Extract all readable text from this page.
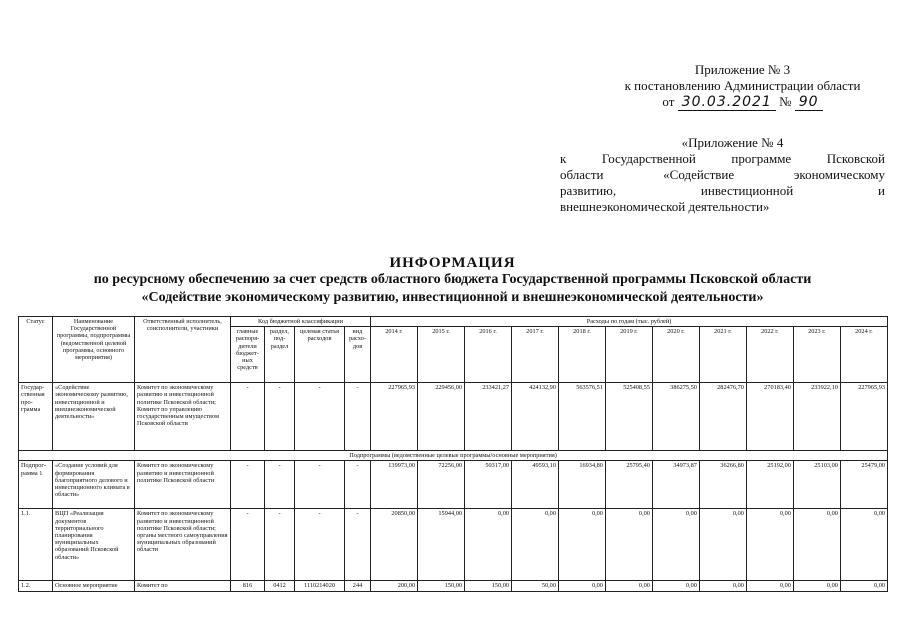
Приложение № 3
к постановлению Администрации области
от 30.03.2021 № 90
«Приложение № 4
к Государственной программе Псковской
области «Содействие экономическому
развитию, инвестиционной и
внешнеэкономической деятельности»
ИНФОРМАЦИЯ
по ресурсному обеспечению за счет средств областного бюджета Государственной программы Псковской области
«Содействие экономическому развитию, инвестиционной и внешнеэкономической деятельности»
Статус	Наименование Государственной программы, подпрограммы (ведомственной целевой программы, основного мероприятия)	Ответственный исполнитель, соисполнители, участники	Код бюджетной классификации				Расходы по годам (тыс. рублей)										
			главные распоря-дители бюджет-ных средств	раздел, под-раздел	целевая статья расходов	вид расхо-дов	2014 г.	2015 г.	2016 г.	2017 г.	2018 г.	2019 г.	2020 г.	2021 г.	2022 г.	2023 г.	2024 г.
Государ-ственная про-грамма	«Содействие экономическому развитию, инвестиционной и внешнеэкономической деятельности»	Комитет по экономическому развитию и инвестиционной политике Псковской области;
Комитет по управлению государственным имуществом Псковской области	-	-	-	-	227965,93	229456,00	233421,27	424132,90	563576,51	525408,55	386275,50	282476,70	270183,40	233922,10	227965,93
Подпрограммы (ведомственные целевые программы/основные мероприятия)																	
Подпрог-рамма 1	«Создание условий для формирования благоприятного делового и инвестиционного климата в области»	Комитет по экономическому развитию и инвестиционной политике Псковской области	-	-	-	-	139973,00	72256,00	50317,00	49593,10	16934,80	25795,40	34973,87	36266,80	25192,00	25103,00	25479,00
1.1.	ВЦП «Реализация документов территориального планирования муниципальных образований Псковской области»	Комитет по экономическому развитию и инвестиционной политике Псковской области;
органы местного самоуправления муниципальных образований области	-	-	-	-	20850,00	15944,00	0,00	0,00	0,00	0,00	0,00	0,00	0,00	0,00	0,00
1.2.	Основное мероприятие	Комитет по	816	0412	1110214020	244	200,00	150,00	150,00	50,00	0,00	0,00	0,00	0,00	0,00	0,00	0,00
